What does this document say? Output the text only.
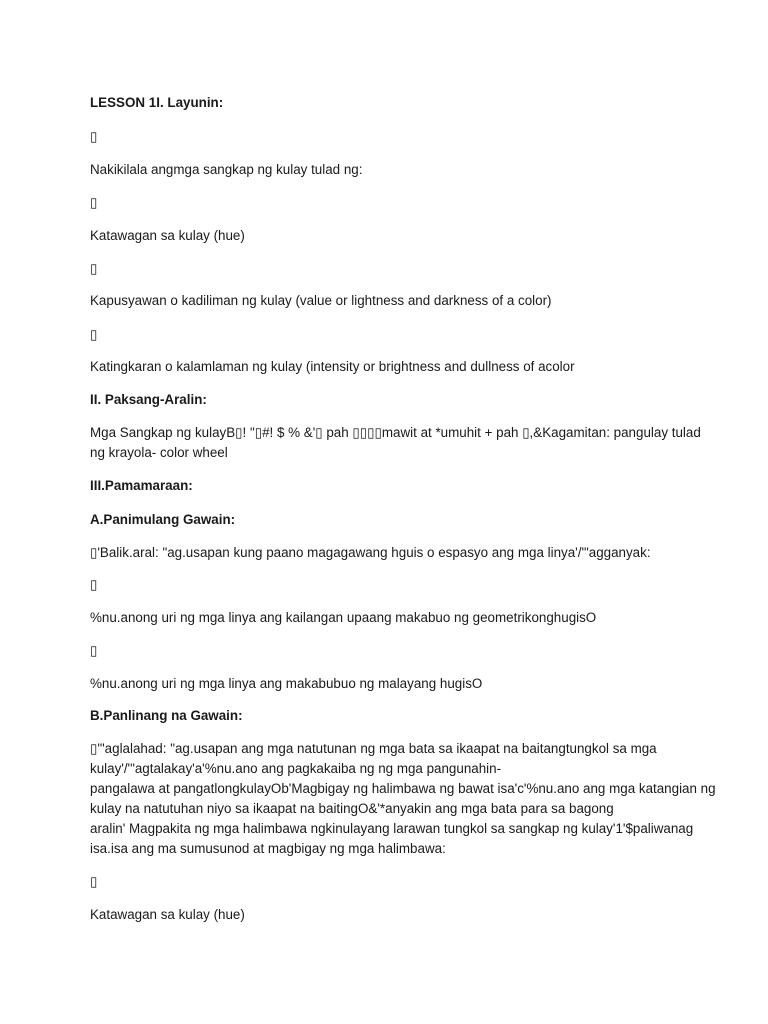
LESSON 1I. Layunin:
▯
Nakikilala angmga sangkap ng kulay tulad ng:
▯
Katawagan sa kulay (hue)
▯
Kapusyawan o kadiliman ng kulay (value or lightness and darkness of a color)
▯
Katingkaran o kalamlaman ng kulay (intensity or brightness and dullness of acolor
II. Paksang-Aralin:
Mga Sangkap ng kulayB▯! "▯#! $ % &'▯ pah ▯▯▯▯mawit at *umuhit + pah ▯,&Kagamitan: pangulay tulad
ng krayola- color wheel
III.Pamamaraan:
A.Panimulang Gawain:
▯'Balik.aral: "ag.usapan kung paano magagawang hguis o espasyo ang mga linya'/'"agganyak:
▯
%nu.anong uri ng mga linya ang kailangan upaang makabuo ng geometrikonghugisO
▯
%nu.anong uri ng mga linya ang makabubuo ng malayang hugisO
B.Panlinang na Gawain:
▯'"aglalahad: "ag.usapan ang mga natutunan ng mga bata sa ikaapat na baitangtungkol sa mga
kulay'/'"agtalakay'a'%nu.ano ang pagkakaiba ng ng mga pangunahin-
pangalawa at pangatlongkulayOb'Magbigay ng halimbawa ng bawat isa'c'%nu.ano ang mga katangian ng
kulay na natutuhan niyo sa ikaapat na baitingO&'*anyakin ang mga bata para sa bagong
aralin' Magpakita ng mga halimbawa ngkinulayang larawan tungkol sa sangkap ng kulay'1'$paliwanag
isa.isa ang ma sumusunod at magbigay ng mga halimbawa:
▯
Katawagan sa kulay (hue)
